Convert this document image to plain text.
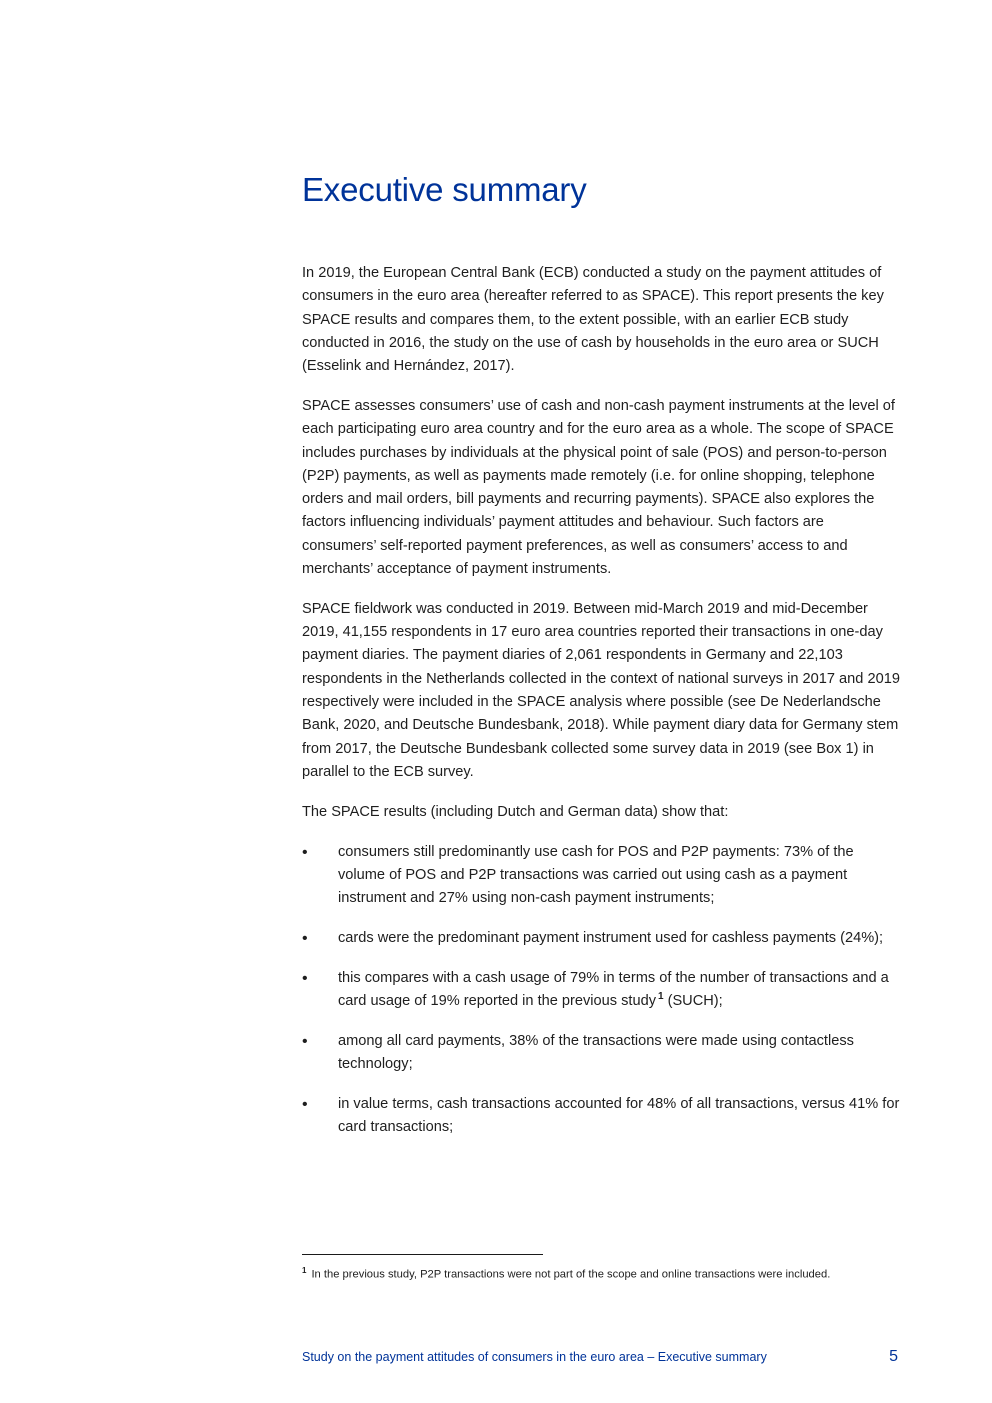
Executive summary

In 2019, the European Central Bank (ECB) conducted a study on the payment attitudes of consumers in the euro area (hereafter referred to as SPACE). This report presents the key SPACE results and compares them, to the extent possible, with an earlier ECB study conducted in 2016, the study on the use of cash by households in the euro area or SUCH (Esselink and Hernández, 2017).

SPACE assesses consumers’ use of cash and non-cash payment instruments at the level of each participating euro area country and for the euro area as a whole. The scope of SPACE includes purchases by individuals at the physical point of sale (POS) and person-to-person (P2P) payments, as well as payments made remotely (i.e. for online shopping, telephone orders and mail orders, bill payments and recurring payments). SPACE also explores the factors influencing individuals’ payment attitudes and behaviour. Such factors are consumers’ self-reported payment preferences, as well as consumers’ access to and merchants’ acceptance of payment instruments.

SPACE fieldwork was conducted in 2019. Between mid-March 2019 and mid-December 2019, 41,155 respondents in 17 euro area countries reported their transactions in one-day payment diaries. The payment diaries of 2,061 respondents in Germany and 22,103 respondents in the Netherlands collected in the context of national surveys in 2017 and 2019 respectively were included in the SPACE analysis where possible (see De Nederlandsche Bank, 2020, and Deutsche Bundesbank, 2018). While payment diary data for Germany stem from 2017, the Deutsche Bundesbank collected some survey data in 2019 (see Box 1) in parallel to the ECB survey.

The SPACE results (including Dutch and German data) show that:

• consumers still predominantly use cash for POS and P2P payments: 73% of the volume of POS and P2P transactions was carried out using cash as a payment instrument and 27% using non-cash payment instruments;
• cards were the predominant payment instrument used for cashless payments (24%);
• this compares with a cash usage of 79% in terms of the number of transactions and a card usage of 19% reported in the previous study $^1$ (SUCH);
• among all card payments, 38% of the transactions were made using contactless technology;
• in value terms, cash transactions accounted for 48% of all transactions, versus 41% for card transactions;
$^1$ In the previous study, P2P transactions were not part of the scope and online transactions were included.
Study on the payment attitudes of consumers in the euro area – Executive summary	5
